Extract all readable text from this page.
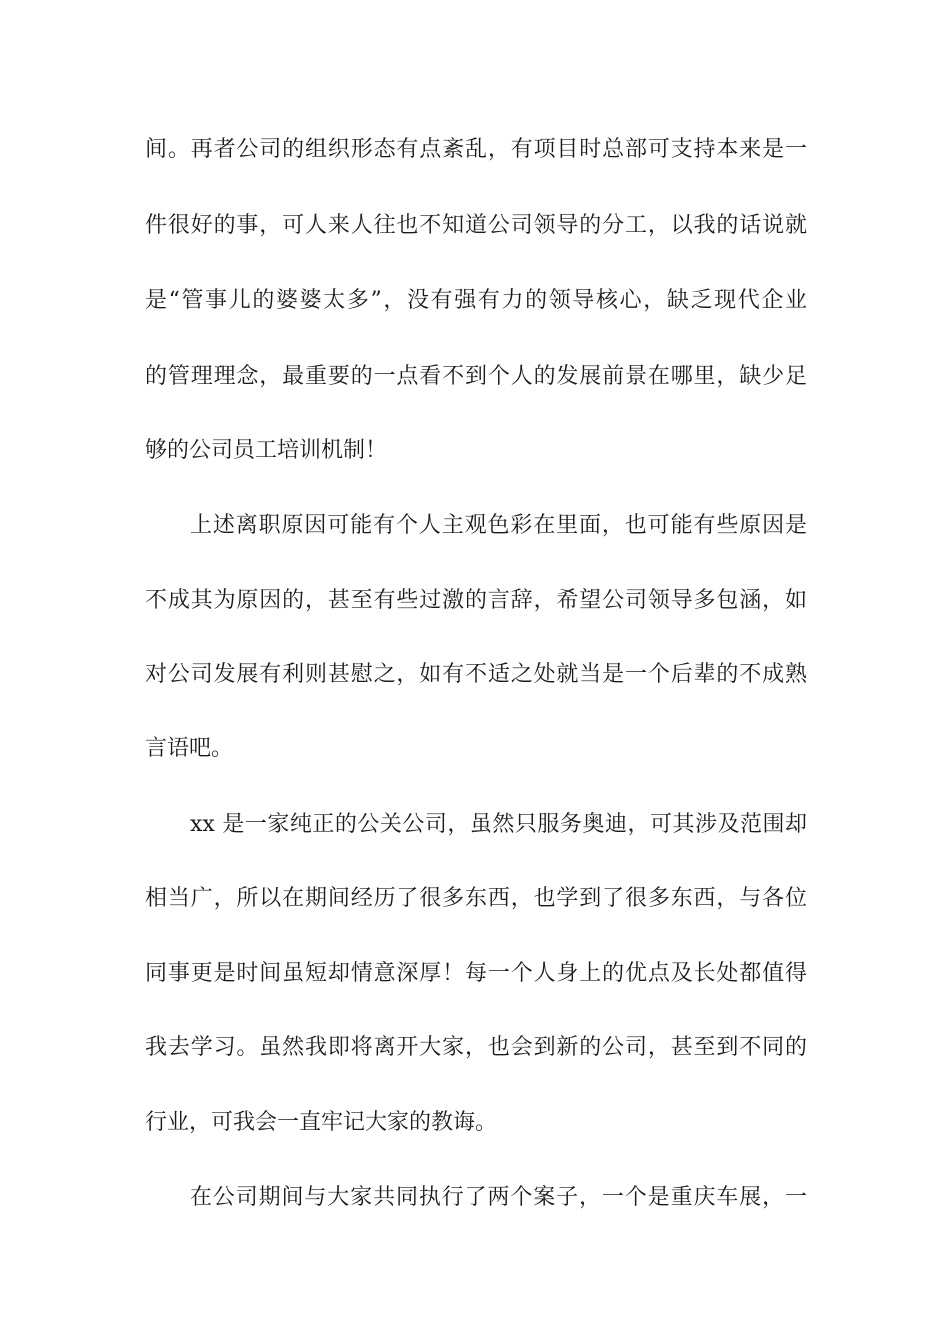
间。再者公司的组织形态有点紊乱，有项目时总部可支持本来是一
件很好的事，可人来人往也不知道公司领导的分工，以我的话说就
是“管事儿的婆婆太多”，没有强有力的领导核心，缺乏现代企业
的管理理念，最重要的一点看不到个人的发展前景在哪里，缺少足
够的公司员工培训机制！
上述离职原因可能有个人主观色彩在里面，也可能有些原因是
不成其为原因的，甚至有些过激的言辞，希望公司领导多包涵，如
对公司发展有利则甚慰之，如有不适之处就当是一个后辈的不成熟
言语吧。
xx 是一家纯正的公关公司，虽然只服务奥迪，可其涉及范围却
相当广，所以在期间经历了很多东西，也学到了很多东西，与各位
同事更是时间虽短却情意深厚！每一个人身上的优点及长处都值得
我去学习。虽然我即将离开大家，也会到新的公司，甚至到不同的
行业，可我会一直牢记大家的教诲。
在公司期间与大家共同执行了两个案子，一个是重庆车展，一
